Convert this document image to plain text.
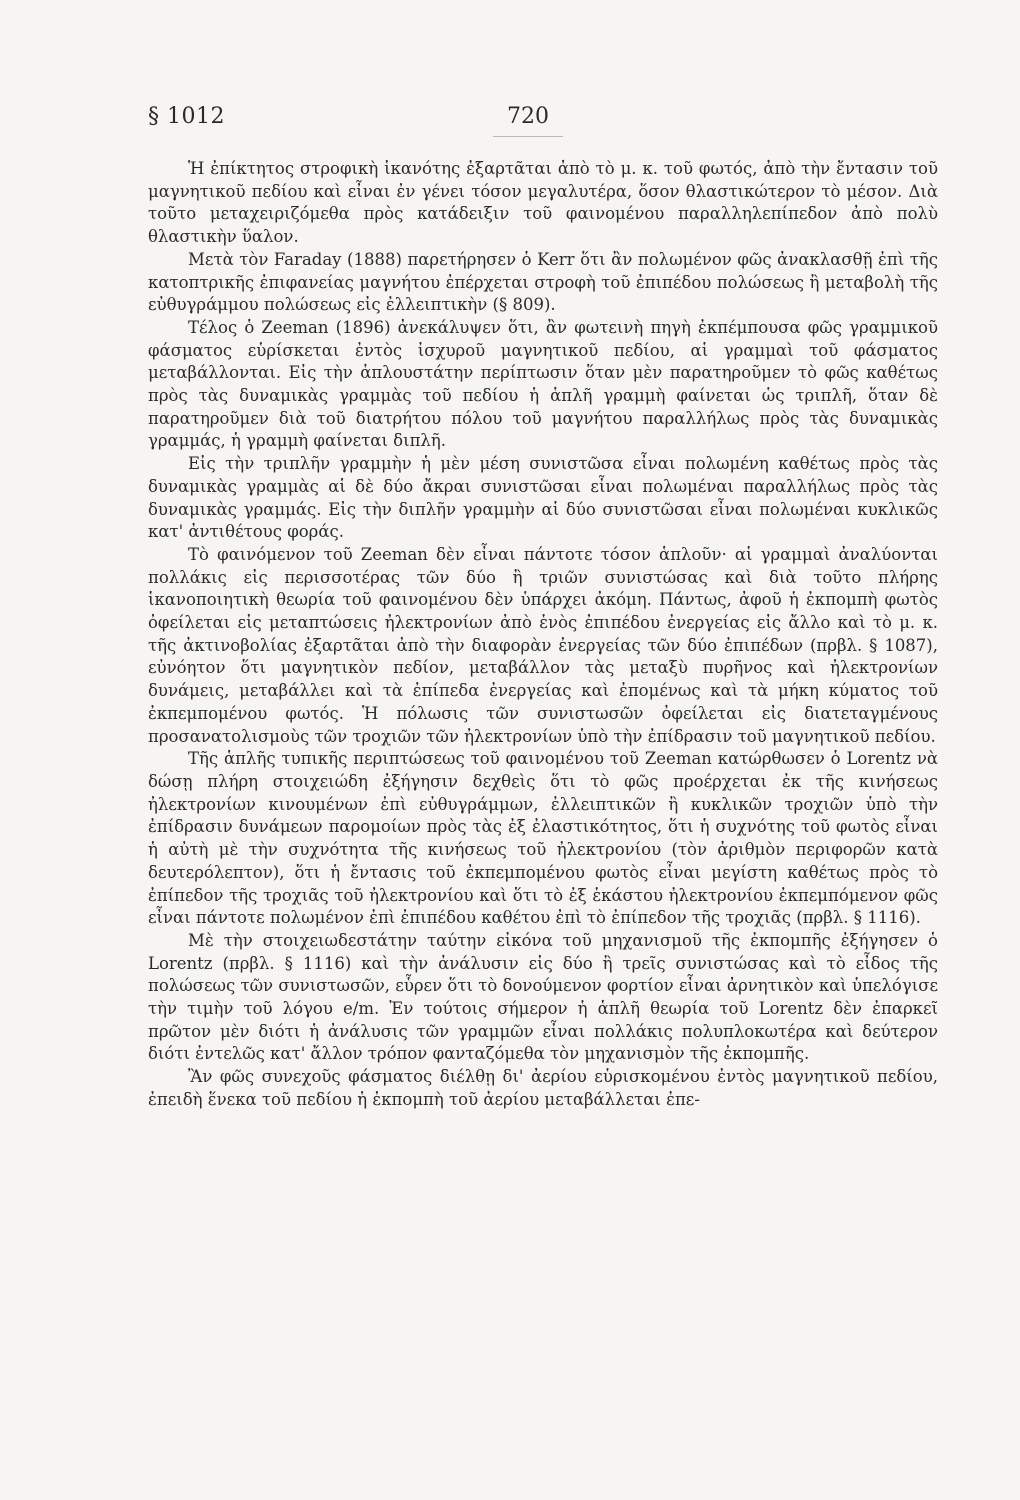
§ 1012	720

Ἡ ἐπίκτητος στροφικὴ ἱκανότης ἐξαρτᾶται ἀπὸ τὸ μ. κ. τοῦ φωτός, ἀπὸ τὴν ἔντασιν τοῦ μαγνητικοῦ πεδίου καὶ εἶναι ἐν γένει τόσον μεγαλυτέρα, ὅσον θλαστικώτερον τὸ μέσον. Διὰ τοῦτο μεταχειριζόμεθα πρὸς κατάδειξιν τοῦ φαινομένου παραλληλεπίπεδον ἀπὸ πολὺ θλαστικὴν ὕαλον.

Μετὰ τὸν Faraday (1888) παρετήρησεν ὁ Kerr ὅτι ἂν πολωμένον φῶς ἀνακλασθῇ ἐπὶ τῆς κατοπτρικῆς ἐπιφανείας μαγνήτου ἐπέρχεται στροφὴ τοῦ ἐπιπέδου πολώσεως ἢ μεταβολὴ τῆς εὐθυγράμμου πολώσεως εἰς ἐλλειπτικὴν (§ 809).

Τέλος ὁ Zeeman (1896) ἀνεκάλυψεν ὅτι, ἂν φωτεινὴ πηγὴ ἐκπέμπουσα φῶς γραμμικοῦ φάσματος εὑρίσκεται ἐντὸς ἰσχυροῦ μαγνητικοῦ πεδίου, αἱ γραμμαὶ τοῦ φάσματος μεταβάλλονται. Εἰς τὴν ἁπλουστάτην περίπτωσιν ὅταν μὲν παρατηροῦμεν τὸ φῶς καθέτως πρὸς τὰς δυναμικὰς γραμμὰς τοῦ πεδίου ἡ ἁπλῆ γραμμὴ φαίνεται ὡς τριπλῆ, ὅταν δὲ παρατηροῦμεν διὰ τοῦ διατρήτου πόλου τοῦ μαγνήτου παραλλήλως πρὸς τὰς δυναμικὰς γραμμάς, ἡ γραμμὴ φαίνεται διπλῆ.

Εἰς τὴν τριπλῆν γραμμὴν ἡ μὲν μέση συνιστῶσα εἶναι πολωμένη καθέτως πρὸς τὰς δυναμικὰς γραμμὰς αἱ δὲ δύο ἄκραι συνιστῶσαι εἶναι πολωμέναι παραλλήλως πρὸς τὰς δυναμικὰς γραμμάς. Εἰς τὴν διπλῆν γραμμὴν αἱ δύο συνιστῶσαι εἶναι πολωμέναι κυκλικῶς κατ' ἀντιθέτους φοράς.

Τὸ φαινόμενον τοῦ Zeeman δὲν εἶναι πάντοτε τόσον ἁπλοῦν· αἱ γραμμαὶ ἀναλύονται πολλάκις εἰς περισσοτέρας τῶν δύο ἢ τριῶν συνιστώσας καὶ διὰ τοῦτο πλήρης ἱκανοποιητικὴ θεωρία τοῦ φαινομένου δὲν ὑπάρχει ἀκόμη. Πάντως, ἀφοῦ ἡ ἐκπομπὴ φωτὸς ὀφείλεται εἰς μεταπτώσεις ἠλεκτρονίων ἀπὸ ἑνὸς ἐπιπέδου ἐνεργείας εἰς ἄλλο καὶ τὸ μ. κ. τῆς ἀκτινοβολίας ἐξαρτᾶται ἀπὸ τὴν διαφορὰν ἐνεργείας τῶν δύο ἐπιπέδων (πρβλ. § 1087), εὐνόητον ὅτι μαγνητικὸν πεδίον, μεταβάλλον τὰς μεταξὺ πυρῆνος καὶ ἠλεκτρονίων δυνάμεις, μεταβάλλει καὶ τὰ ἐπίπεδα ἐνεργείας καὶ ἐπομένως καὶ τὰ μήκη κύματος τοῦ ἐκπεμπομένου φωτός. Ἡ πόλωσις τῶν συνιστωσῶν ὀφείλεται εἰς διατεταγμένους προσανατολισμοὺς τῶν τροχιῶν τῶν ἠλεκτρονίων ὑπὸ τὴν ἐπίδρασιν τοῦ μαγνητικοῦ πεδίου.

Τῆς ἁπλῆς τυπικῆς περιπτώσεως τοῦ φαινομένου τοῦ Zeeman κατώρθωσεν ὁ Lorentz νὰ δώσῃ πλήρη στοιχειώδη ἐξήγησιν δεχθεὶς ὅτι τὸ φῶς προέρχεται ἐκ τῆς κινήσεως ἠλεκτρονίων κινουμένων ἐπὶ εὐθυγράμμων, ἐλλειπτικῶν ἢ κυκλικῶν τροχιῶν ὑπὸ τὴν ἐπίδρασιν δυνάμεων παρομοίων πρὸς τὰς ἐξ ἐλαστικότητος, ὅτι ἡ συχνότης τοῦ φωτὸς εἶναι ἡ αὐτὴ μὲ τὴν συχνότητα τῆς κινήσεως τοῦ ἠλεκτρονίου (τὸν ἀριθμὸν περιφορῶν κατὰ δευτερόλεπτον), ὅτι ἡ ἔντασις τοῦ ἐκπεμπομένου φωτὸς εἶναι μεγίστη καθέτως πρὸς τὸ ἐπίπεδον τῆς τροχιᾶς τοῦ ἠλεκτρονίου καὶ ὅτι τὸ ἐξ ἑκάστου ἠλεκτρονίου ἐκπεμπόμενον φῶς εἶναι πάντοτε πολωμένον ἐπὶ ἐπιπέδου καθέτου ἐπὶ τὸ ἐπίπεδον τῆς τροχιᾶς (πρβλ. § 1116).

Μὲ τὴν στοιχειωδεστάτην ταύτην εἰκόνα τοῦ μηχανισμοῦ τῆς ἐκπομπῆς ἐξήγησεν ὁ Lorentz (πρβλ. § 1116) καὶ τὴν ἀνάλυσιν εἰς δύο ἢ τρεῖς συνιστώσας καὶ τὸ εἶδος τῆς πολώσεως τῶν συνιστωσῶν, εὗρεν ὅτι τὸ δονούμενον φορτίον εἶναι ἀρνητικὸν καὶ ὑπελόγισε τὴν τιμὴν τοῦ λόγου e/m. Ἐν τούτοις σήμερον ἡ ἁπλῆ θεωρία τοῦ Lorentz δὲν ἐπαρκεῖ πρῶτον μὲν διότι ἡ ἀνάλυσις τῶν γραμμῶν εἶναι πολλάκις πολυπλοκωτέρα καὶ δεύτερον διότι ἐντελῶς κατ' ἄλλον τρόπον φανταζόμεθα τὸν μηχανισμὸν τῆς ἐκπομπῆς.

Ἂν φῶς συνεχοῦς φάσματος διέλθῃ δι' ἀερίου εὑρισκομένου ἐντὸς μαγνητικοῦ πεδίου, ἐπειδὴ ἕνεκα τοῦ πεδίου ἡ ἐκπομπὴ τοῦ ἀερίου μεταβάλλεται ἐπε-
